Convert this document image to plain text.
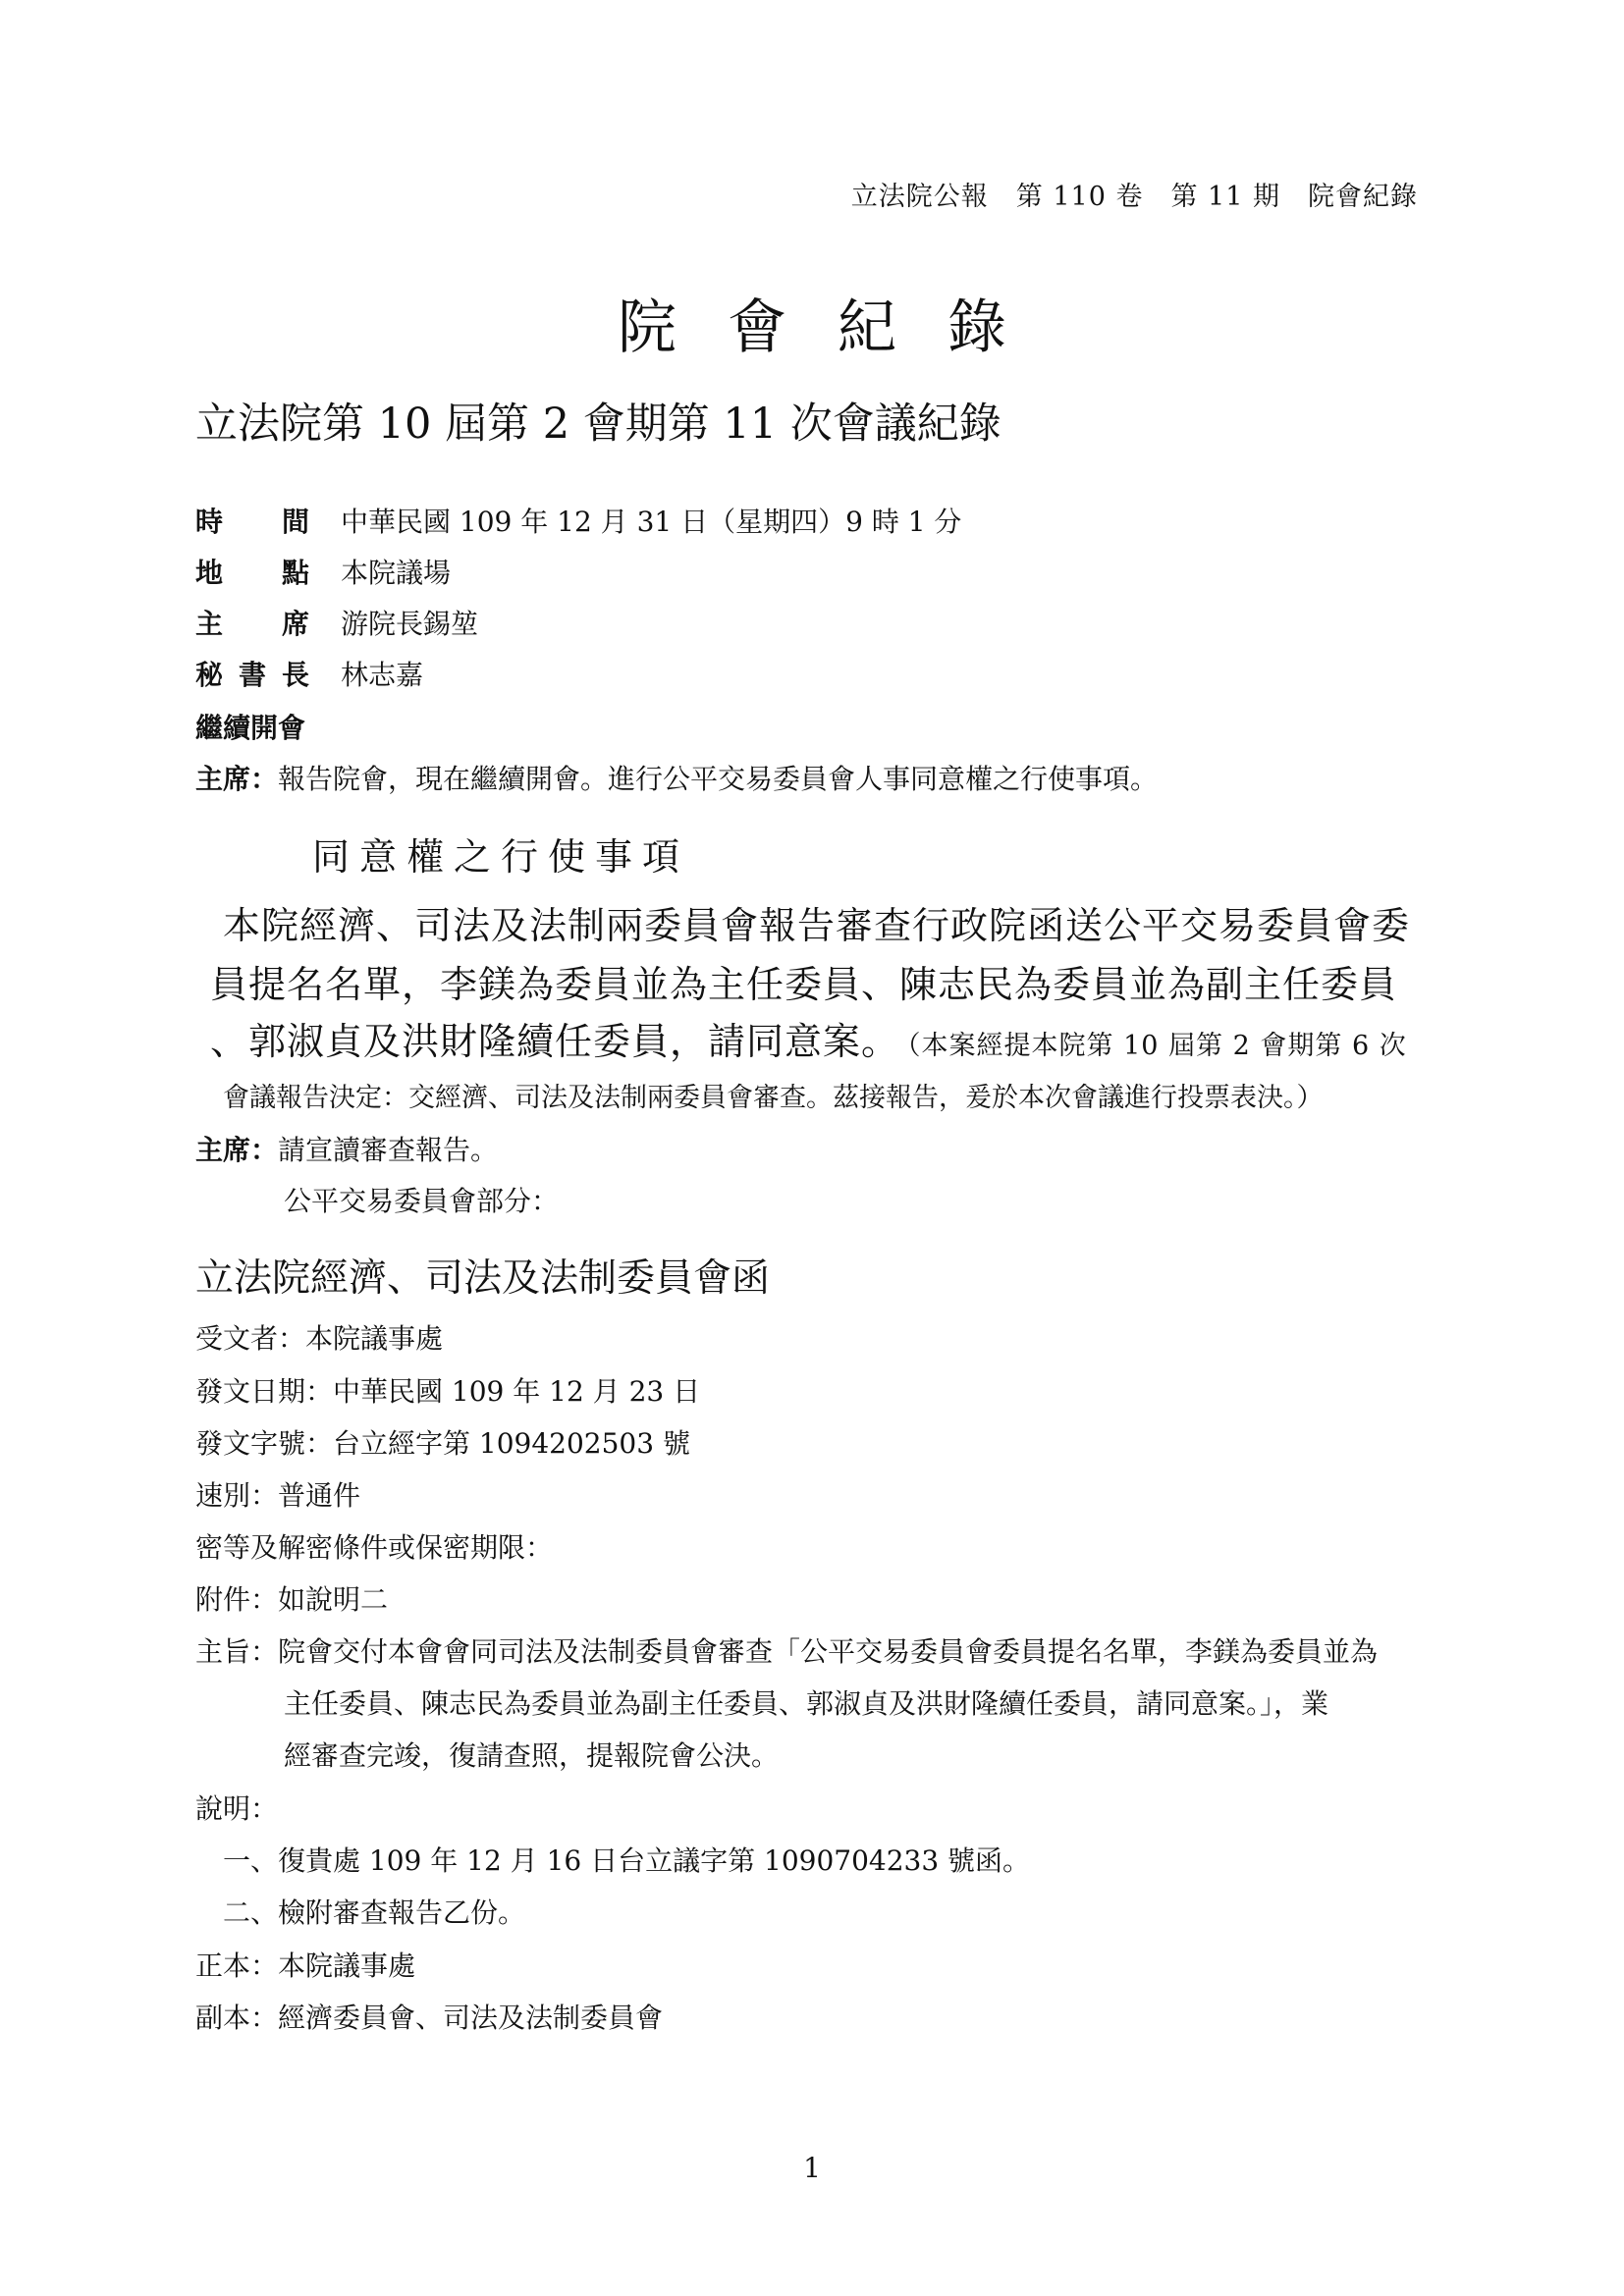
立法院公報　第 110 卷　第 11 期　院會紀錄
院會紀錄
立法院第 10 屆第 2 會期第 11 次會議紀錄
時間 中華民國 109 年 12 月 31 日（星期四）9 時 1 分
地點 本院議場
主席 游院長錫堃
秘書長 林志嘉
繼續開會
主席：報告院會，現在繼續開會。進行公平交易委員會人事同意權之行使事項。
同意權之行使事項
本院經濟、司法及法制兩委員會報告審查行政院函送公平交易委員會委
員提名名單，李鎂為委員並為主任委員、陳志民為委員並為副主任委員
、郭淑貞及洪財隆續任委員，請同意案。 （本案經提本院第 10 屆第 2 會期第 6 次
會議報告決定：交經濟、司法及法制兩委員會審查。茲接報告，爰於本次會議進行投票表決。）
主席：請宣讀審查報告。
公平交易委員會部分：
立法院經濟、司法及法制委員會函
受文者：本院議事處
發文日期：中華民國 109 年 12 月 23 日
發文字號：台立經字第 1094202503 號
速別：普通件
密等及解密條件或保密期限：
附件：如說明二
主旨：院會交付本會會同司法及法制委員會審查「公平交易委員會委員提名名單，李鎂為委員並為
主任委員、陳志民為委員並為副主任委員、郭淑貞及洪財隆續任委員，請同意案。」，業
經審查完竣，復請查照，提報院會公決。
說明：
一、復貴處 109 年 12 月 16 日台立議字第 1090704233 號函。
二、檢附審查報告乙份。
正本：本院議事處
副本：經濟委員會、司法及法制委員會
1
